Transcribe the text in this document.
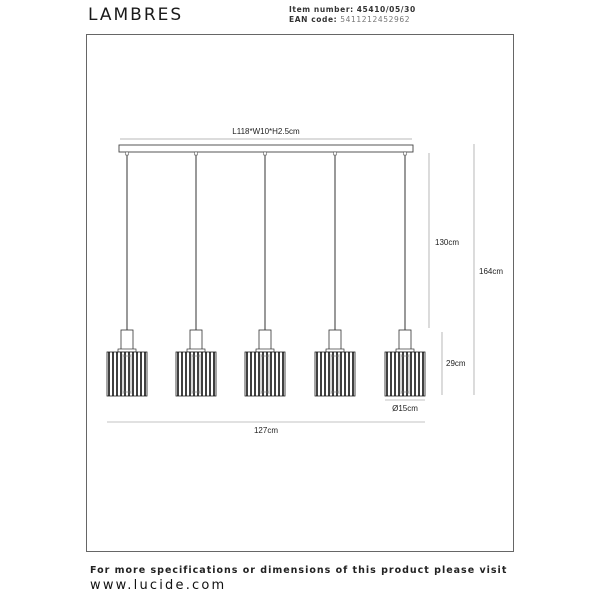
LAMBRES	Item number: 45410/05/30
EAN code: 5411212452962
L118*W10*H2.5cm
130cm
29cm
164cm
Ø15cm
127cm
For more specifications or dimensions of this product please visit
www.lucide.com
